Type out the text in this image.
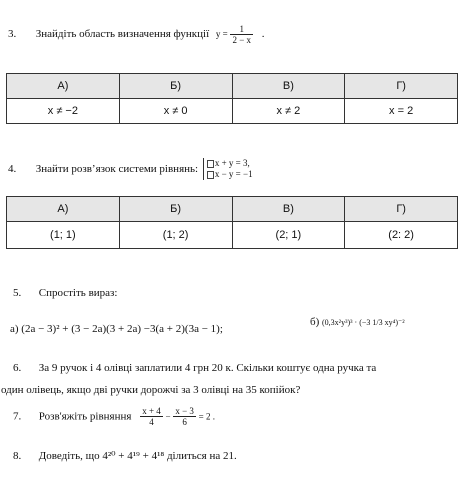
3. Знайдіть область визначення функції $y = \frac{1}{2 - x}$ .
А)	Б)	В)	Г)
x ≠ −2	x ≠ 0	x ≠ 2	x = 2
4. Знайти розв’язок системи рівнянь:	x + y = 3,
x − y = −1
А)	Б)	В)	Г)
(1; 1)	(1; 2)	(2; 1)	(2: 2)
5. Спростіть вираз:
а) (2a − 3)² + (3 − 2a)(3 + 2a) −3(a + 2)(3a − 1);
б) (0,3x²y³)³ · (−3 1/3 xy⁴)⁻²
6. За 9 ручок і 4 олівці заплатили 4 грн 20 к. Скільки коштує одна ручка та
один олівець, якщо дві ручки дорожчі за 3 олівці на 35 копійок?
7. Розв'яжіть рівняння $\frac{x + 4}{4} - \frac{x - 3}{6} = 2$ .
8. Доведіть, що 4²⁰ + 4¹⁹ + 4¹⁸ ділиться на 21.
